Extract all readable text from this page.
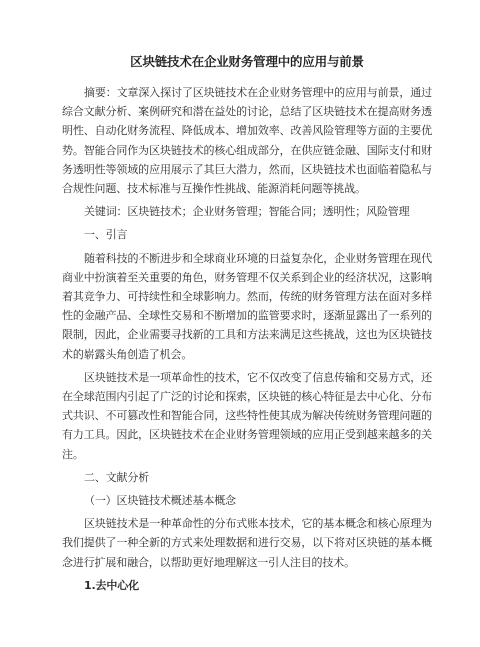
区块链技术在企业财务管理中的应用与前景

摘要：文章深入探讨了区块链技术在企业财务管理中的应用与前景，通过综合文献分析、案例研究和潜在益处的讨论，总结了区块链技术在提高财务透明性、自动化财务流程、降低成本、增加效率、改善风险管理等方面的主要优势。智能合同作为区块链技术的核心组成部分，在供应链金融、国际支付和财务透明性等领域的应用展示了其巨大潜力，然而，区块链技术也面临着隐私与合规性问题、技术标准与互操作性挑战、能源消耗问题等挑战。

关键词：区块链技术；企业财务管理；智能合同；透明性；风险管理

一、引言

随着科技的不断进步和全球商业环境的日益复杂化，企业财务管理在现代商业中扮演着至关重要的角色，财务管理不仅关系到企业的经济状况，这影响着其竞争力、可持续性和全球影响力。然而，传统的财务管理方法在面对多样性的金融产品、全球性交易和不断增加的监管要求时，逐渐显露出了一系列的限制，因此，企业需要寻找新的工具和方法来满足这些挑战，这也为区块链技术的崭露头角创造了机会。

区块链技术是一项革命性的技术，它不仅改变了信息传输和交易方式，还在全球范围内引起了广泛的讨论和探索，区块链的核心特征是去中心化、分布式共识、不可篡改性和智能合同，这些特性使其成为解决传统财务管理问题的有力工具。因此，区块链技术在企业财务管理领域的应用正受到越来越多的关注。

二、文献分析
（一）区块链技术概述基本概念

区块链技术是一种革命性的分布式账本技术，它的基本概念和核心原理为我们提供了一种全新的方式来处理数据和进行交易，以下将对区块链的基本概念进行扩展和融合，以帮助更好地理解这一引人注目的技术。

1.去中心化
